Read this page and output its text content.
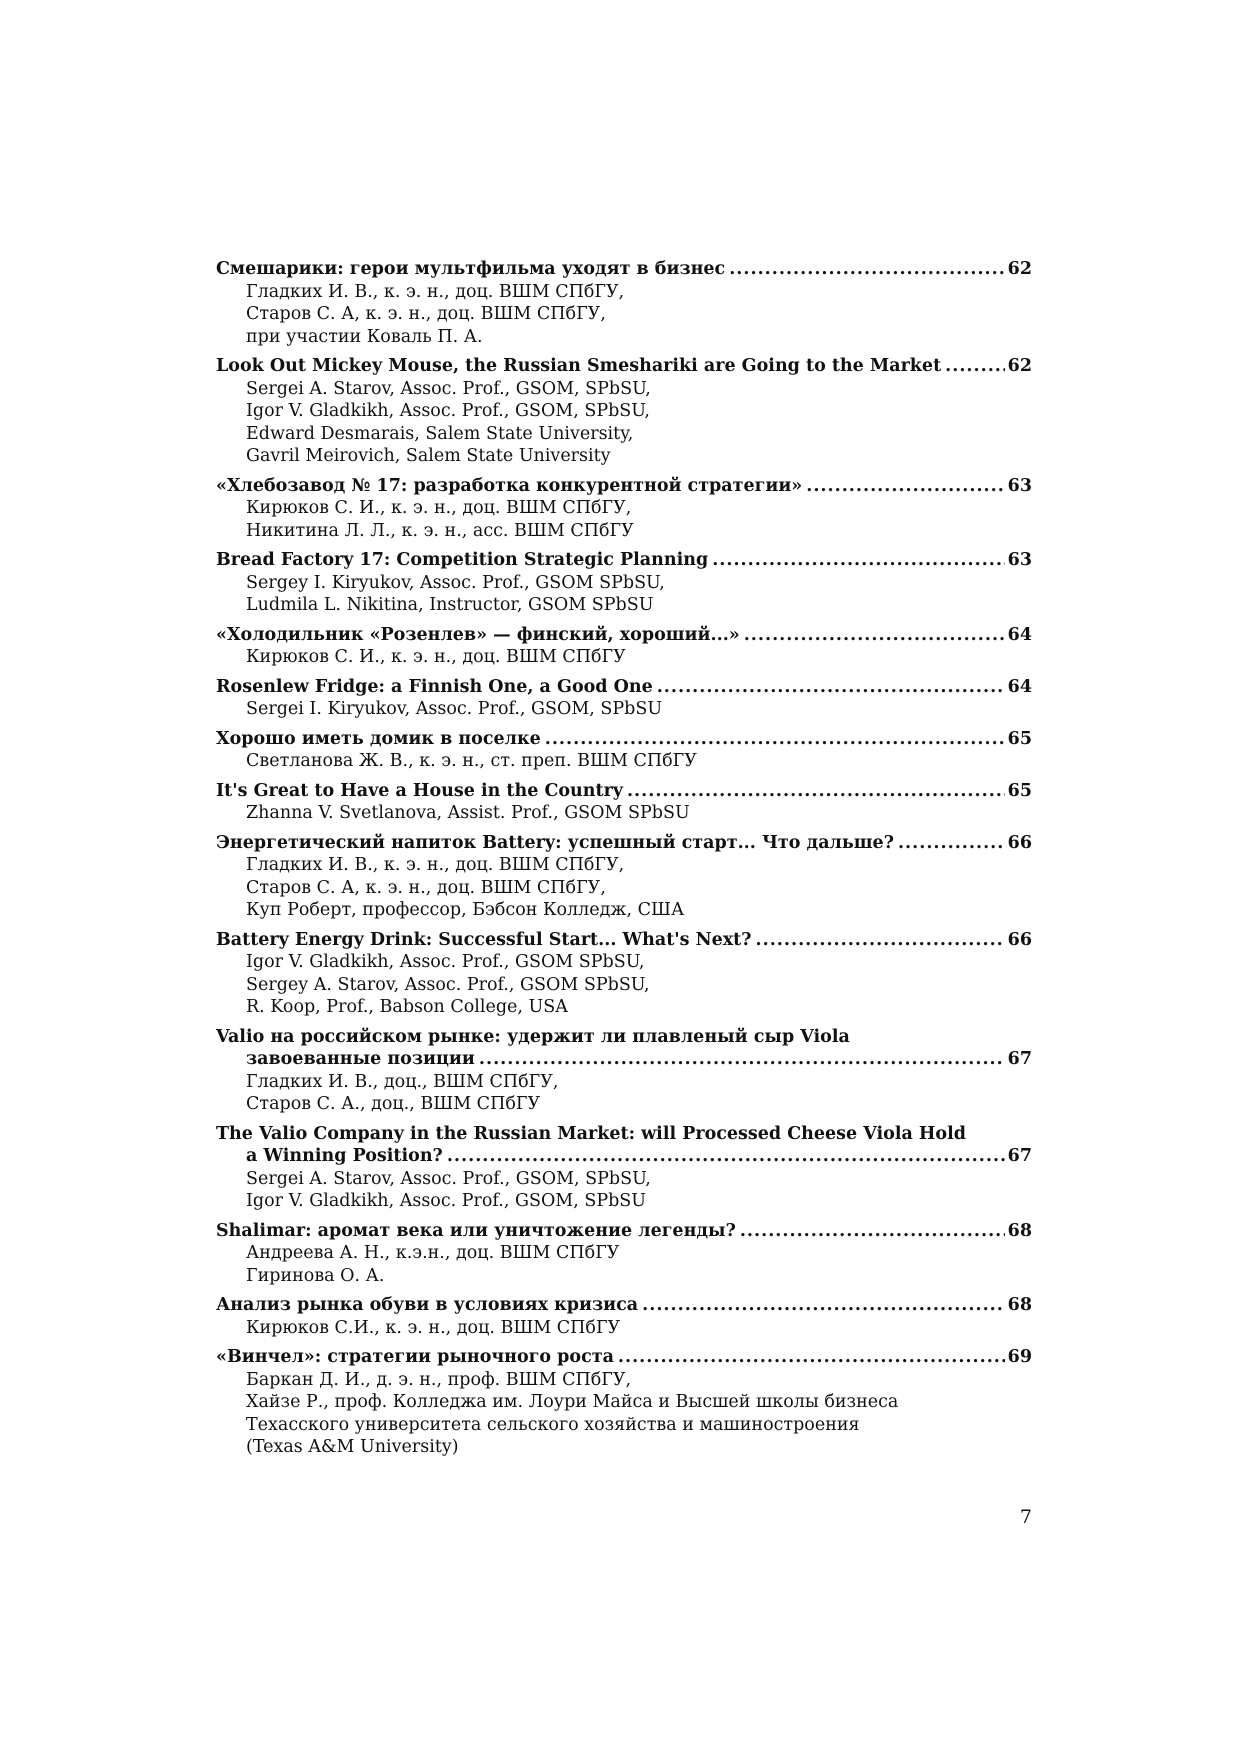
Смешарики: герои мультфильма уходят в бизнес .....	62
Гладких И. В., к. э. н., доц. ВШМ СПбГУ,
Старов С. А, к. э. н., доц. ВШМ СПбГУ,
при участии Коваль П. А.
Look Out Mickey Mouse, the Russian Smeshariki are Going to the Market .....	62
Sergei A. Starov, Assoc. Prof., GSOM, SPbSU,
Igor V. Gladkikh, Assoc. Prof., GSOM, SPbSU,
Edward Desmarais, Salem State University,
Gavril Meirovich, Salem State University
«Хлебозавод № 17: разработка конкурентной стратегии» .....	63
Кирюков С. И., к. э. н., доц. ВШМ СПбГУ,
Никитина Л. Л., к. э. н., асс. ВШМ СПбГУ
Bread Factory 17: Competition Strategic Planning .....	63
Sergey I. Kiryukov, Assoc. Prof., GSOM SPbSU,
Ludmila L. Nikitina, Instructor, GSOM SPbSU
«Холодильник «Розенлев» — финский, хороший...» .....	64
Кирюков С. И., к. э. н., доц. ВШМ СПбГУ
Rosenlew Fridge: a Finnish One, a Good One .....	64
Sergei I. Kiryukov, Assoc. Prof., GSOM, SPbSU
Хорошо иметь домик в поселке .....	65
Светланова Ж. В., к. э. н., ст. преп. ВШМ СПбГУ
It's Great to Have a House in the Country .....	65
Zhanna V. Svetlanova, Assist. Prof., GSOM SPbSU
Энергетический напиток Battery: успешный старт... Что дальше? .....	66
Гладких И. В., к. э. н., доц. ВШМ СПбГУ,
Старов С. А, к. э. н., доц. ВШМ СПбГУ,
Куп Роберт, профессор, Бэбсон Колледж, США
Battery Energy Drink: Successful Start... What's Next? .....	66
Igor V. Gladkikh, Assoc. Prof., GSOM SPbSU,
Sergey A. Starov, Assoc. Prof., GSOM SPbSU,
R. Koop, Prof., Babson College, USA
Valio на российском рынке: удержит ли плавленый сыр Viola
завоеванные позиции .....	67
Гладких И. В., доц., ВШМ СПбГУ,
Старов С. А., доц., ВШМ СПбГУ
The Valio Company in the Russian Market: will Processed Cheese Viola Hold
a Winning Position? .....	67
Sergei A. Starov, Assoc. Prof., GSOM, SPbSU,
Igor V. Gladkikh, Assoc. Prof., GSOM, SPbSU
Shalimar: аромат века или уничтожение легенды? .....	68
Андреева А. Н., к.э.н., доц. ВШМ СПбГУ
Гиринова О. А.
Анализ рынка обуви в условиях кризиса .....	68
Кирюков С.И., к. э. н., доц. ВШМ СПбГУ
«Винчел»: стратегии рыночного роста .....	69
Баркан Д. И., д. э. н., проф. ВШМ СПбГУ,
Хайзе Р., проф. Колледжа им. Лоури Майса и Высшей школы бизнеса
Техасского университета сельского хозяйства и машиностроения
(Texas A&M University)
7
